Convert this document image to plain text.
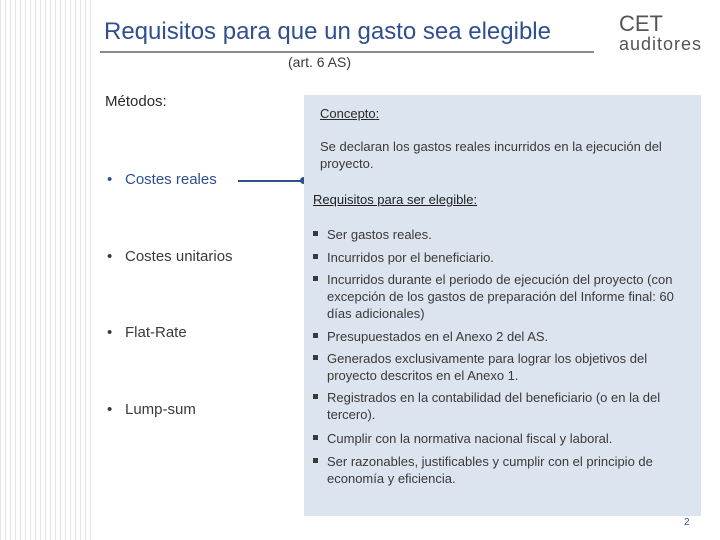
Requisitos para que un gasto sea elegible
(art. 6 AS)
CET
auditores
Métodos:
• Costes reales
• Costes unitarios
• Flat-Rate
• Lump-sum
Concepto:
Se declaran los gastos reales incurridos en la ejecución del proyecto.
Requisitos para ser elegible:
Ser gastos reales.
Incurridos por el beneficiario.
Incurridos durante el periodo de ejecución del proyecto (con excepción de los gastos de preparación del Informe final: 60 días adicionales)
Presupuestados en el Anexo 2 del AS.
Generados exclusivamente para lograr los objetivos del proyecto descritos en el Anexo 1.
Registrados en la contabilidad del beneficiario (o en la del tercero).
Cumplir con la normativa nacional fiscal y laboral.
Ser razonables, justificables y cumplir con el principio de economía y eficiencia.
2
